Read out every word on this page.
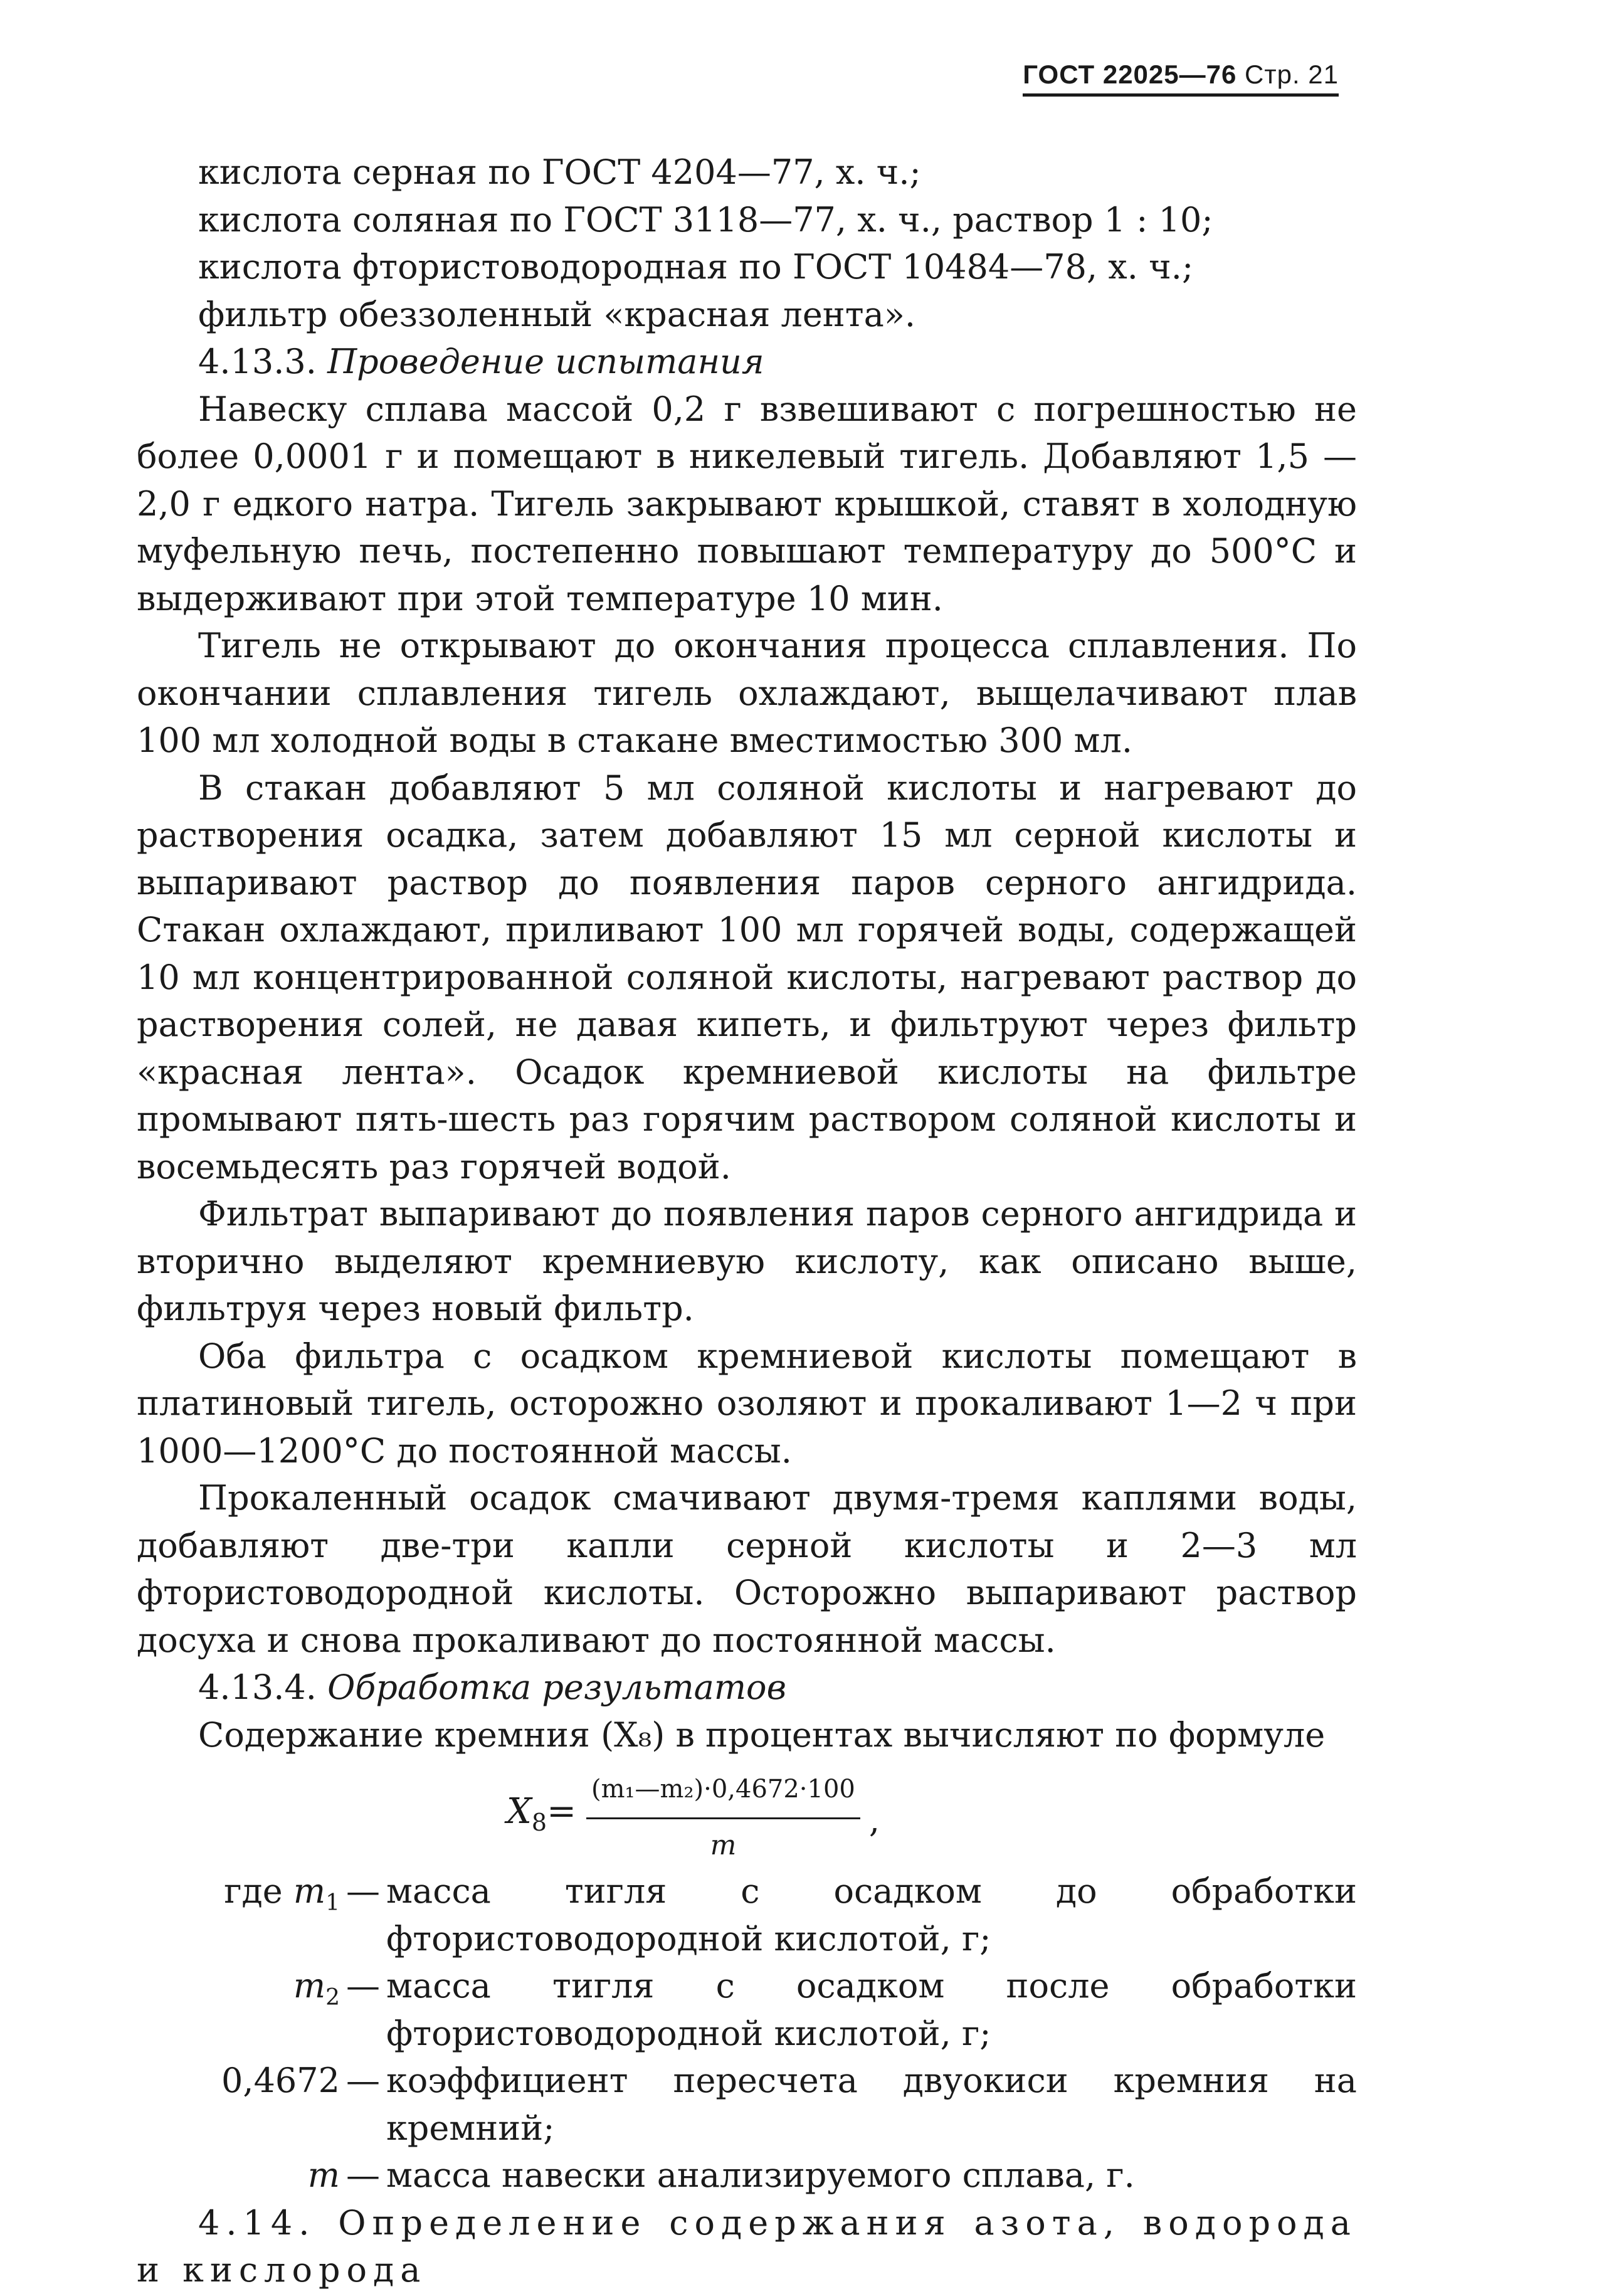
ГОСТ 22025—76 Стр. 21

кислота серная по ГОСТ 4204—77, х. ч.;

кислота соляная по ГОСТ 3118—77, х. ч., раствор 1 : 10;

кислота фтористоводородная по ГОСТ 10484—78, х. ч.;

фильтр обеззоленный «красная лента».

4.13.3. Проведение испытания

Навеску сплава массой 0,2 г взвешивают с погрешностью не более 0,0001 г и помещают в никелевый тигель. Добавляют 1,5 — 2,0 г едкого натра. Тигель закрывают крышкой, ставят в холодную муфельную печь, постепенно повышают температуру до 500°С и выдерживают при этой температуре 10 мин.

Тигель не открывают до окончания процесса сплавления. По окончании сплавления тигель охлаждают, выщелачивают плав 100 мл холодной воды в стакане вместимостью 300 мл.

В стакан добавляют 5 мл соляной кислоты и нагревают до растворения осадка, затем добавляют 15 мл серной кислоты и выпаривают раствор до появления паров серного ангидрида. Стакан охлаждают, приливают 100 мл горячей воды, содержащей 10 мл концентрированной соляной кислоты, нагревают раствор до растворения солей, не давая кипеть, и фильтруют через фильтр «красная лента». Осадок кремниевой кислоты на фильтре промывают пять-шесть раз горячим раствором соляной кислоты и восемьдесять раз горячей водой.

Фильтрат выпаривают до появления паров серного ангидрида и вторично выделяют кремниевую кислоту, как описано выше, фильтруя через новый фильтр.

Оба фильтра с осадком кремниевой кислоты помещают в платиновый тигель, осторожно озоляют и прокаливают 1—2 ч при 1000—1200°С до постоянной массы.

Прокаленный осадок смачивают двумя-тремя каплями воды, добавляют две-три капли серной кислоты и 2—3 мл фтористоводородной кислоты. Осторожно выпаривают раствор досуха и снова прокаливают до постоянной массы.

4.13.4. Обработка результатов

Содержание кремния (X₈) в процентах вычисляют по формуле

$X_8= \frac{\text{(m₁—m₂)·0,4672·100}}{m}$ ,
где $m_1$ — масса тигля с осадком до обработки фтористоводородной кислотой, г;
$m_2$ — масса тигля с осадком после обработки фтористоводородной кислотой, г;
0,4672 — коэффициент пересчета двуокиси кремния на кремний;
m — масса навески анализируемого сплава, г.

4.14. Определение содержания азота, водорода и кислорода
